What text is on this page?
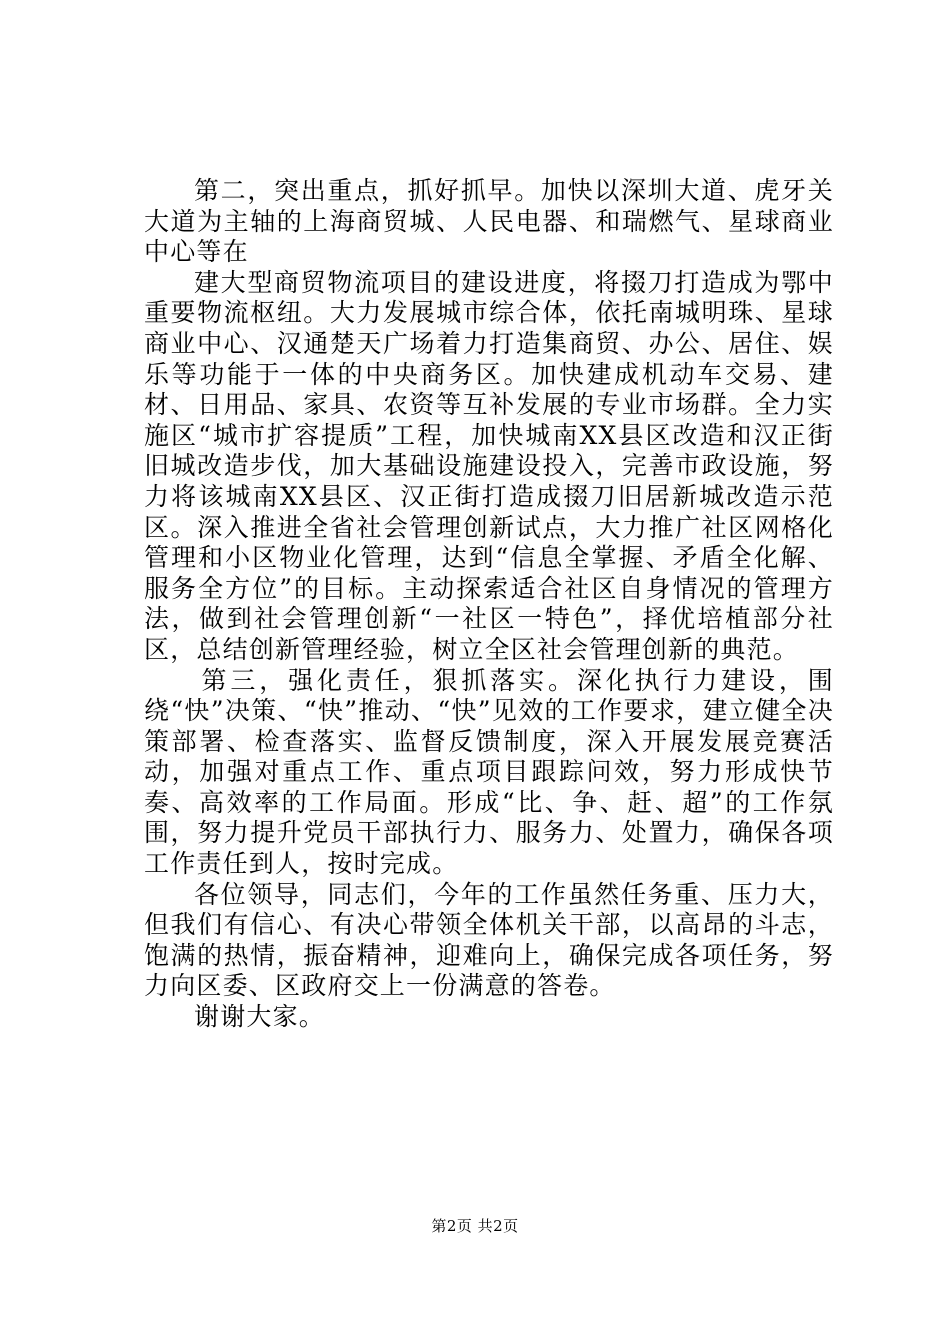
第二，突出重点，抓好抓早。加快以深圳大道、虎牙关大道为主轴的上海商贸城、人民电器、和瑞燃气、星球商业中心等在

建大型商贸物流项目的建设进度，将掇刀打造成为鄂中重要物流枢纽。大力发展城市综合体，依托南城明珠、星球商业中心、汉通楚天广场着力打造集商贸、办公、居住、娱乐等功能于一体的中央商务区。加快建成机动车交易、建材、日用品、家具、农资等互补发展的专业市场群。全力实施区“城市扩容提质”工程，加快城南XX县区改造和汉正街旧城改造步伐，加大基础设施建设投入，完善市政设施，努力将该城南XX县区、汉正街打造成掇刀旧居新城改造示范区。深入推进全省社会管理创新试点，大力推广社区网格化管理和小区物业化管理，达到“信息全掌握、矛盾全化解、服务全方位”的目标。主动探索适合社区自身情况的管理方法，做到社会管理创新“一社区一特色”，择优培植部分社区，总结创新管理经验，树立全区社会管理创新的典范。

第三，强化责任，狠抓落实。深化执行力建设，围绕“快”决策、“快”推动、“快”见效的工作要求，建立健全决策部署、检查落实、监督反馈制度，深入开展发展竞赛活动，加强对重点工作、重点项目跟踪问效，努力形成快节奏、高效率的工作局面。形成“比、争、赶、超”的工作氛围，努力提升党员干部执行力、服务力、处置力，确保各项工作责任到人，按时完成。

各位领导，同志们，今年的工作虽然任务重、压力大，但我们有信心、有决心带领全体机关干部，以高昂的斗志，饱满的热情，振奋精神，迎难向上，确保完成各项任务，努力向区委、区政府交上一份满意的答卷。

谢谢大家。

第2页 共2页
